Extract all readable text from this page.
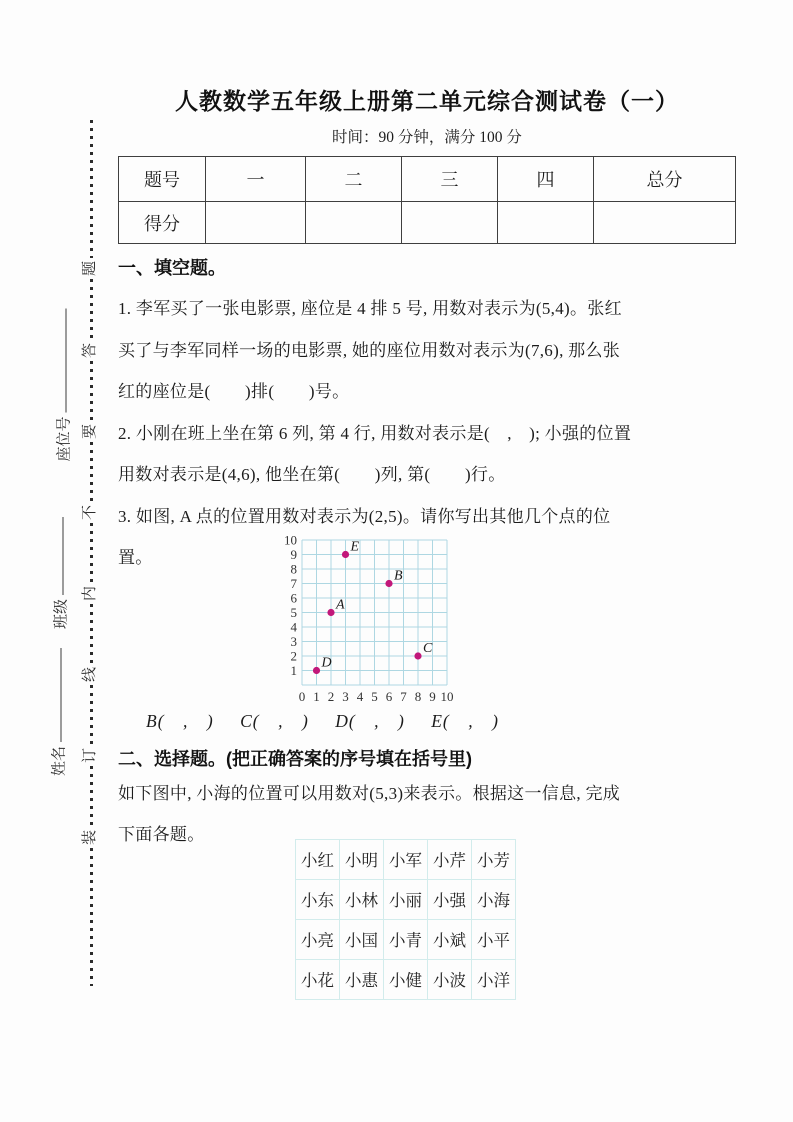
题
答
要
不
内
线
订
装
座位号
班级
姓名
人教数学五年级上册第二单元综合测试卷（一）
时间：90 分钟，满分 100 分
题号	一	二	三	四	总分
得分					
一、填空题。
1. 李军买了一张电影票, 座位是 4 排 5 号, 用数对表示为(5,4)。张红
买了与李军同样一场的电影票, 她的座位用数对表示为(7,6), 那么张
红的座位是(　　)排(　　)号。
2. 小刚在班上坐在第 6 列, 第 4 行, 用数对表示是(　,　); 小强的位置
用数对表示是(4,6), 他坐在第(　　)列, 第(　　)行。
3. 如图, A 点的位置用数对表示为(2,5)。请你写出其他几个点的位
置。
1
2
3
4
5
6
7
8
9
10
0 1 2 3 4 5 6 7 8 9 10
A
B
C
D
E
B(　,　) C(　,　) D(　,　) E(　,　)
二、选择题。(把正确答案的序号填在括号里)
如下图中, 小海的位置可以用数对(5,3)来表示。根据这一信息, 完成
下面各题。
小红	小明	小军	小芹	小芳
小东	小林	小丽	小强	小海
小亮	小国	小青	小斌	小平
小花	小惠	小健	小波	小洋
